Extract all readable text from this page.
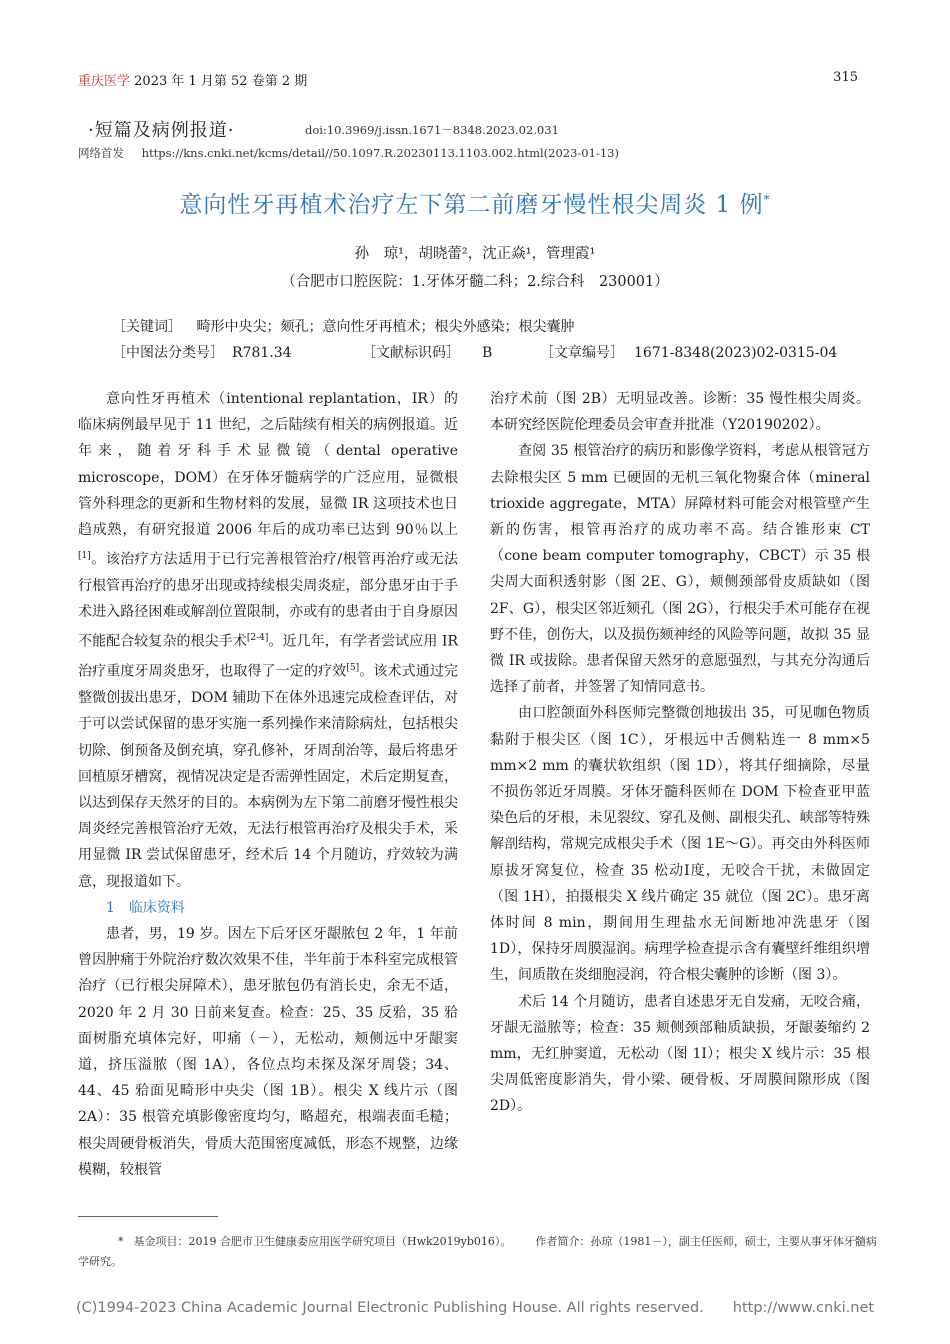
重庆医学 2023 年 1 月第 52 卷第 2 期	315
·短篇及病例报道·	doi:10.3969/j.issn.1671－8348.2023.02.031
网络首发 https://kns.cnki.net/kcms/detail//50.1097.R.20230113.1103.002.html(2023-01-13)
意向性牙再植术治疗左下第二前磨牙慢性根尖周炎 1 例*
孙　琼¹，胡晓蕾²，沈正焱¹，管理霞¹
（合肥市口腔医院：1.牙体牙髓二科；2.综合科　230001）
［关键词］ 畸形中央尖；颏孔；意向性牙再植术；根尖外感染；根尖囊肿
［中图法分类号］ R781.34	［文献标识码］ B	［文章编号］ 1671-8348(2023)02-0315-04

意向性牙再植术（intentional replantation，IR）的临床病例最早见于 11 世纪，之后陆续有相关的病例报道。近年来，随着牙科手术显微镜（dental operative microscope，DOM）在牙体牙髓病学的广泛应用，显微根管外科理念的更新和生物材料的发展，显微 IR 这项技术也日趋成熟，有研究报道 2006 年后的成功率已达到 90％以上[1]。该治疗方法适用于已行完善根管治疗/根管再治疗或无法行根管再治疗的患牙出现或持续根尖周炎症，部分患牙由于手术进入路径困难或解剖位置限制，亦或有的患者由于自身原因不能配合较复杂的根尖手术[2-4]。近几年，有学者尝试应用 IR 治疗重度牙周炎患牙，也取得了一定的疗效[5]。该术式通过完整微创拔出患牙，DOM 辅助下在体外迅速完成检查评估，对于可以尝试保留的患牙实施一系列操作来清除病灶，包括根尖切除、倒预备及倒充填，穿孔修补，牙周刮治等，最后将患牙回植原牙槽窝，视情况决定是否需弹性固定，术后定期复查，以达到保存天然牙的目的。本病例为左下第二前磨牙慢性根尖周炎经完善根管治疗无效，无法行根管再治疗及根尖手术，采用显微 IR 尝试保留患牙，经术后 14 个月随访，疗效较为满意，现报道如下。

1 临床资料

患者，男，19 岁。因左下后牙区牙龈脓包 2 年，1 年前曾因肿痛于外院治疗数次效果不佳，半年前于本科室完成根管治疗（已行根尖屏障术），患牙脓包仍有消长史，余无不适，2020 年 2 月 30 日前来复查。检查：25、35 反𬌗，35 𬌗面树脂充填体完好，叩痛（－），无松动，颊侧远中牙龈窦道，挤压溢脓（图 1A），各位点均未探及深牙周袋；34、44、45 𬌗面见畸形中央尖（图 1B）。根尖 X 线片示（图 2A）：35 根管充填影像密度均匀，略超充，根端表面毛糙；根尖周硬骨板消失，骨质大范围密度减低，形态不规整，边缘模糊，较根管

治疗术前（图 2B）无明显改善。诊断：35 慢性根尖周炎。本研究经医院伦理委员会审查并批准（Y20190202）。

查阅 35 根管治疗的病历和影像学资料，考虑从根管冠方去除根尖区 5 mm 已硬固的无机三氧化物聚合体（mineral trioxide aggregate，MTA）屏障材料可能会对根管壁产生新的伤害，根管再治疗的成功率不高。结合锥形束 CT（cone beam computer tomography，CBCT）示 35 根尖周大面积透射影（图 2E、G），颊侧颈部骨皮质缺如（图 2F、G），根尖区邻近颏孔（图 2G），行根尖手术可能存在视野不佳，创伤大，以及损伤颏神经的风险等问题，故拟 35 显微 IR 或拔除。患者保留天然牙的意愿强烈，与其充分沟通后选择了前者，并签署了知情同意书。

由口腔颌面外科医师完整微创地拔出 35，可见咖色物质黏附于根尖区（图 1C），牙根远中舌侧粘连一 8 mm×5 mm×2 mm 的囊状软组织（图 1D），将其仔细摘除，尽量不损伤邻近牙周膜。牙体牙髓科医师在 DOM 下检查亚甲蓝染色后的牙根，未见裂纹、穿孔及侧、副根尖孔、峡部等特殊解剖结构，常规完成根尖手术（图 1E～G）。再交由外科医师原拔牙窝复位，检查 35 松动Ⅰ度，无咬合干扰，未做固定（图 1H），拍摄根尖 X 线片确定 35 就位（图 2C）。患牙离体时间 8 min，期间用生理盐水无间断地冲洗患牙（图 1D），保持牙周膜湿润。病理学检查提示含有囊壁纤维组织增生，间质散在炎细胞浸润，符合根尖囊肿的诊断（图 3）。

术后 14 个月随访，患者自述患牙无自发痛，无咬合痛，牙龈无溢脓等；检查：35 颊侧颈部釉质缺损，牙龈萎缩约 2 mm，无红肿窦道，无松动（图 1I）；根尖 X 线片示：35 根尖周低密度影消失，骨小梁、硬骨板、牙周膜间隙形成（图 2D）。

* 基金项目：2019 合肥市卫生健康委应用医学研究项目（Hwk2019yb016）。 作者简介：孙琼（1981－），副主任医师，硕士，主要从事牙体牙髓病学研究。
(C)1994-2023 China Academic Journal Electronic Publishing House. All rights reserved.　　http://www.cnki.net
